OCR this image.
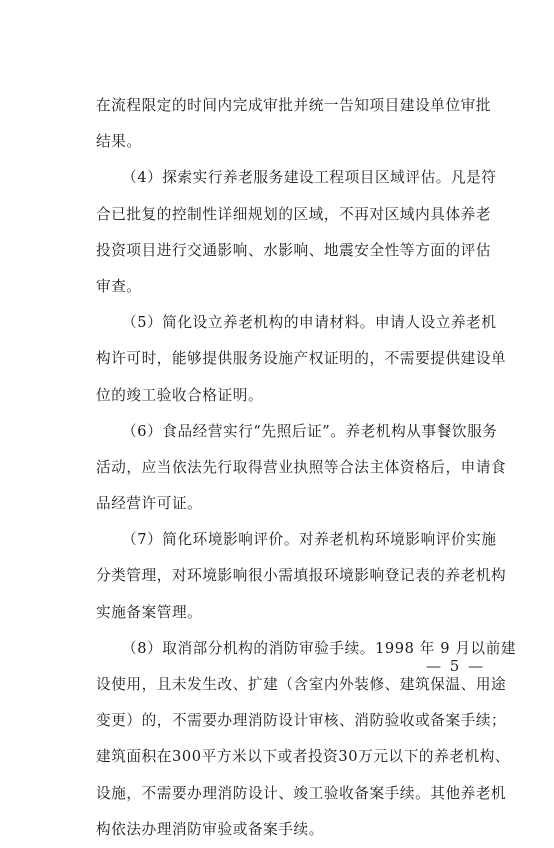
在流程限定的时间内完成审批并统一告知项目建设单位审批
结果。
（4）探索实行养老服务建设工程项目区域评估。凡是符
合已批复的控制性详细规划的区域，不再对区域内具体养老
投资项目进行交通影响、水影响、地震安全性等方面的评估
审查。
（5）简化设立养老机构的申请材料。申请人设立养老机
构许可时，能够提供服务设施产权证明的，不需要提供建设单
位的竣工验收合格证明。
（6）食品经营实行“先照后证”。养老机构从事餐饮服务
活动，应当依法先行取得营业执照等合法主体资格后，申请食
品经营许可证。
（7）简化环境影响评价。对养老机构环境影响评价实施
分类管理，对环境影响很小需填报环境影响登记表的养老机构
实施备案管理。
（8）取消部分机构的消防审验手续。1998 年 9 月以前建
设使用，且未发生改、扩建（含室内外装修、建筑保温、用途
变更）的，不需要办理消防设计审核、消防验收或备案手续；
建筑面积在300平方米以下或者投资30万元以下的养老机构、
设施，不需要办理消防设计、竣工验收备案手续。其他养老机
构依法办理消防审验或备案手续。
— 5 —
